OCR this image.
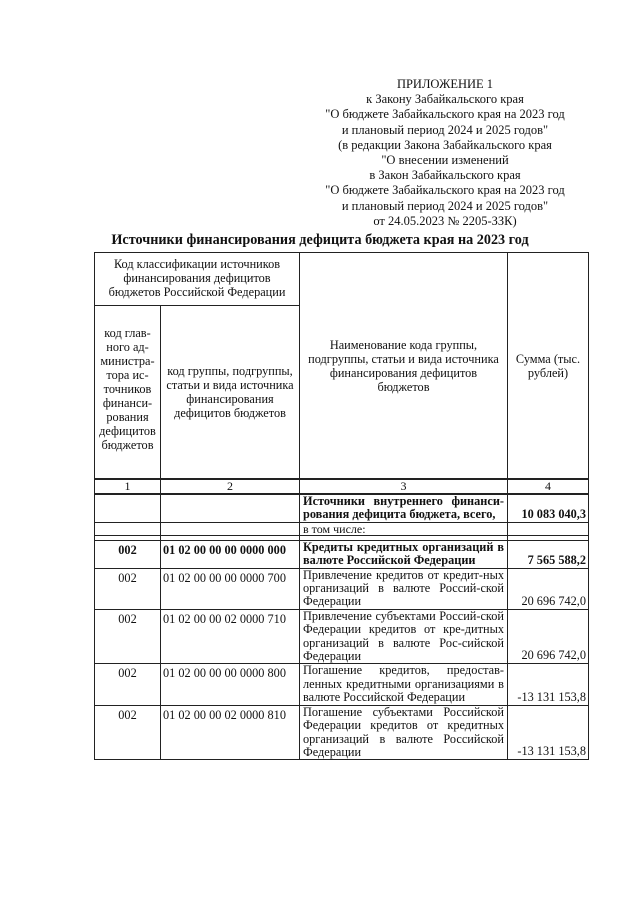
ПРИЛОЖЕНИЕ 1
к Закону Забайкальского края
"О бюджете Забайкальского края на 2023 год
и плановый период 2024 и 2025 годов"
(в редакции Закона Забайкальского края
"О внесении изменений
в Закон Забайкальского края
"О бюджете Забайкальского края на 2023 год
и плановый период 2024 и 2025 годов"
от 24.05.2023 № 2205-ЗЗК)
Источники финансирования дефицита бюджета края на 2023 год
Код классификации источников финансирования дефицитов бюджетов Российской Федерации		Наименование кода группы, подгруппы, статьи и вида источника финансирования дефицитов бюджетов	Сумма (тыс. рублей)
код глав-ного ад-министра-тора ис-точников финанси-рования дефицитов бюджетов	код группы, подгруппы, статьи и вида источника финансирования дефицитов бюджетов		
1	2	3	4
		Источники внутреннего финанси-рования дефицита бюджета, всего,	10 083 040,3
		в том числе:	

002	01 02 00 00 00 0000 000	Кредиты кредитных организаций в валюте Российской Федерации	7 565 588,2
002	01 02 00 00 00 0000 700	Привлечение кредитов от кредит-ных организаций в валюте Россий-ской Федерации	20 696 742,0
002	01 02 00 00 02 0000 710	Привлечение субъектами Россий-ской Федерации кредитов от кре-дитных организаций в валюте Рос-сийской Федерации	20 696 742,0
002	01 02 00 00 00 0000 800	Погашение кредитов, предостав-ленных кредитными организациями в валюте Российской Федерации	-13 131 153,8
002	01 02 00 00 02 0000 810	Погашение субъектами Российской Федерации кредитов от кредитных организаций в валюте Российской Федерации	-13 131 153,8
